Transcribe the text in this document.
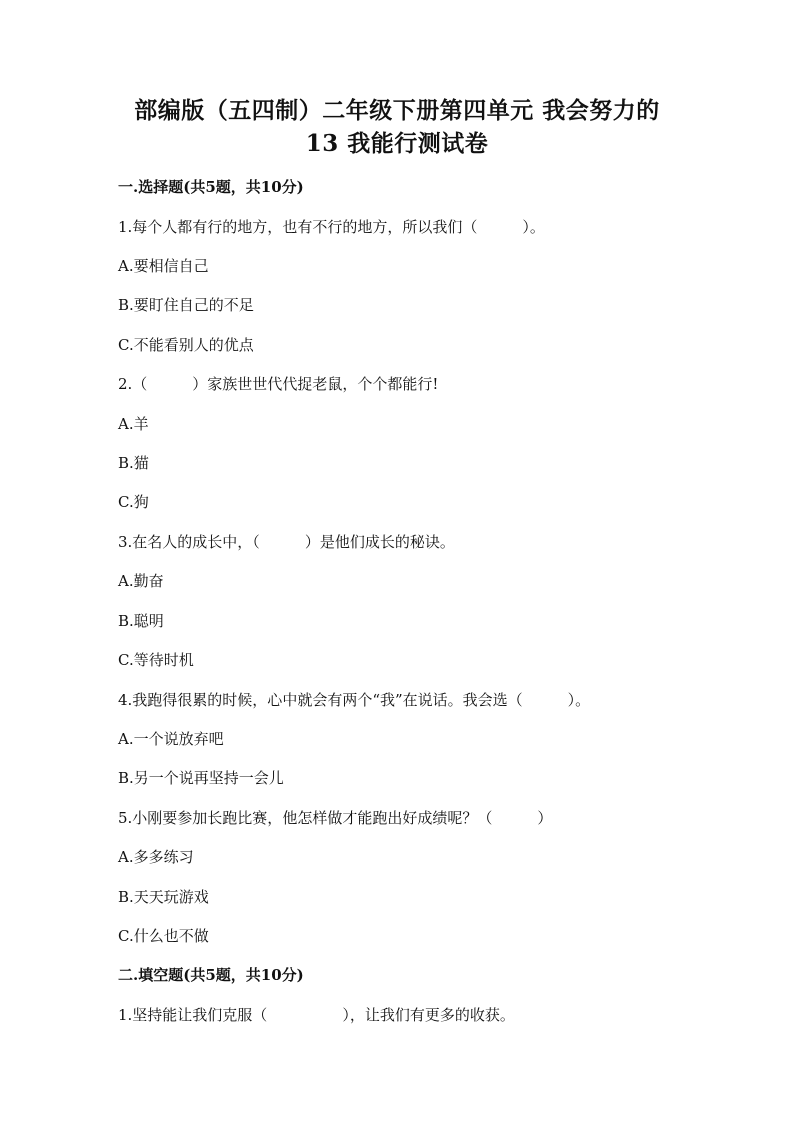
部编版（五四制）二年级下册第四单元 我会努力的
13 我能行测试卷
一.选择题(共5题，共10分)
1.每个人都有行的地方，也有不行的地方，所以我们（　　　）。
A.要相信自己
B.要盯住自己的不足
C.不能看别人的优点
2.（　　　）家族世世代代捉老鼠，个个都能行!
A.羊
B.猫
C.狗
3.在名人的成长中，（　　　）是他们成长的秘诀。
A.勤奋
B.聪明
C.等待时机
4.我跑得很累的时候，心中就会有两个“我”在说话。我会选（　　　）。
A.一个说放弃吧
B.另一个说再坚持一会儿
5.小刚要参加长跑比赛，他怎样做才能跑出好成绩呢？（　　　）
A.多多练习
B.天天玩游戏
C.什么也不做
二.填空题(共5题，共10分)
1.坚持能让我们克服（　　　　　），让我们有更多的收获。
